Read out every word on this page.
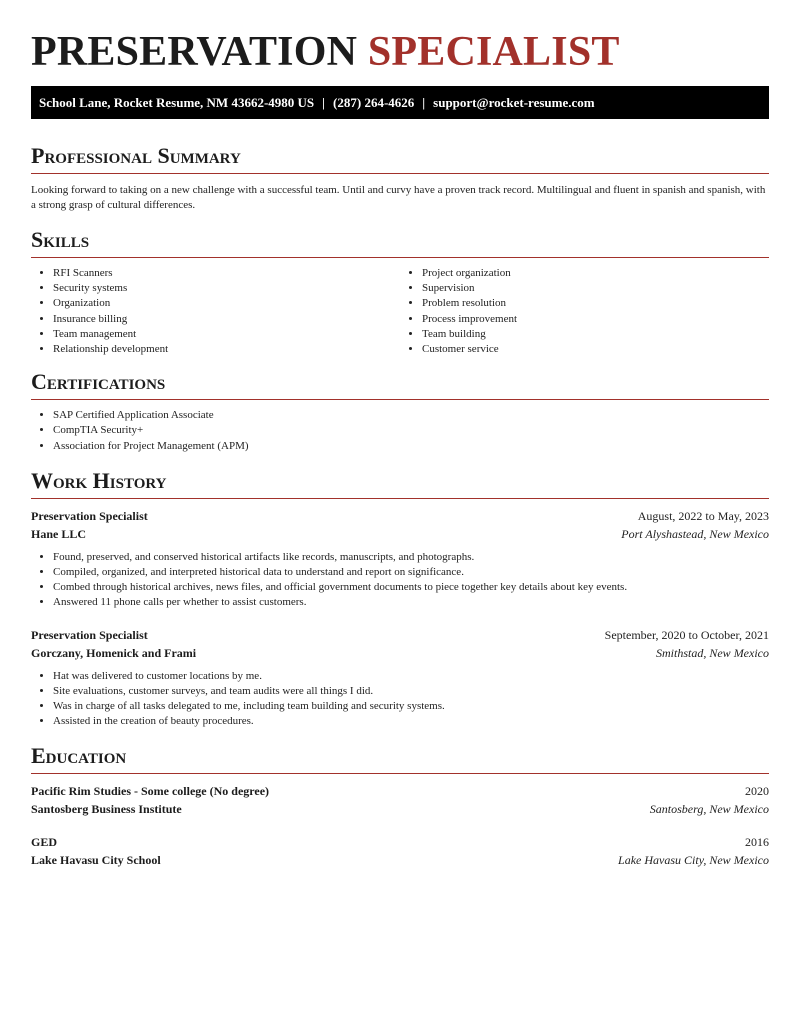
PRESERVATION SPECIALIST
School Lane, Rocket Resume, NM 43662-4980 US | (287) 264-4626 | support@rocket-resume.com
Professional Summary

Looking forward to taking on a new challenge with a successful team. Until and curvy have a proven track record. Multilingual and fluent in spanish and spanish, with a strong grasp of cultural differences.

Skills
• RFI Scanners
• Security systems
• Organization
• Insurance billing
• Team management
• Relationship development
• Project organization
• Supervision
• Problem resolution
• Process improvement
• Team building
• Customer service
Certifications
• SAP Certified Application Associate
• CompTIA Security+
• Association for Project Management (APM)
Work History
Preservation Specialist	August, 2022 to May, 2023
Hane LLC	Port Alyshastead, New Mexico
• Found, preserved, and conserved historical artifacts like records, manuscripts, and photographs.
• Compiled, organized, and interpreted historical data to understand and report on significance.
• Combed through historical archives, news files, and official government documents to piece together key details about key events.
• Answered 11 phone calls per whether to assist customers.
Preservation Specialist	September, 2020 to October, 2021
Gorczany, Homenick and Frami	Smithstad, New Mexico
• Hat was delivered to customer locations by me.
• Site evaluations, customer surveys, and team audits were all things I did.
• Was in charge of all tasks delegated to me, including team building and security systems.
• Assisted in the creation of beauty procedures.
Education
Pacific Rim Studies - Some college (No degree)	2020
Santosberg Business Institute	Santosberg, New Mexico
GED	2016
Lake Havasu City School	Lake Havasu City, New Mexico
